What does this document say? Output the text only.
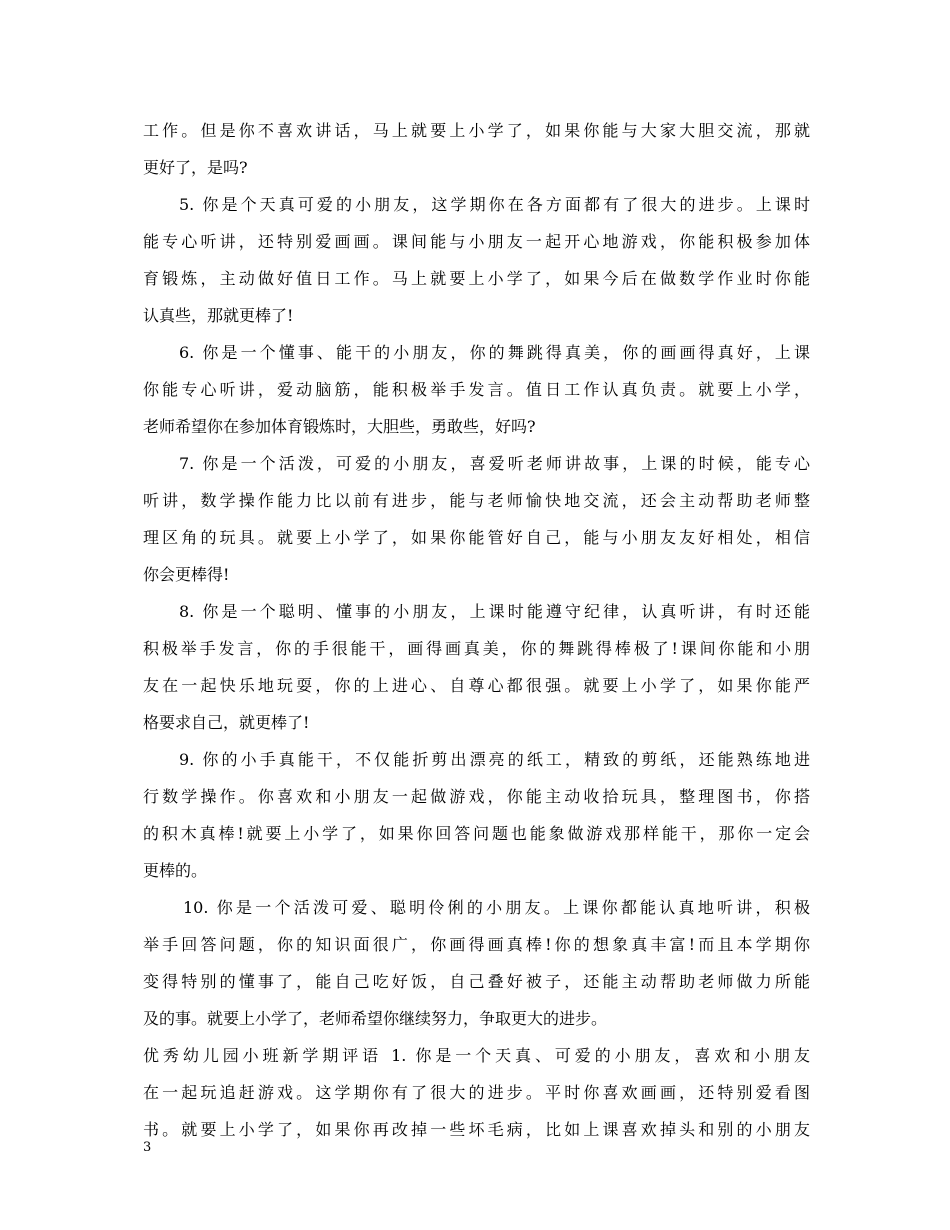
工作。但是你不喜欢讲话，马上就要上小学了，如果你能与大家大胆交流，那就
更好了，是吗?
5. 你是个天真可爱的小朋友，这学期你在各方面都有了很大的进步。上课时
能专心听讲，还特别爱画画。课间能与小朋友一起开心地游戏，你能积极参加体
育锻炼，主动做好值日工作。马上就要上小学了，如果今后在做数学作业时你能
认真些，那就更棒了!
6. 你是一个懂事、能干的小朋友，你的舞跳得真美，你的画画得真好，上课
你能专心听讲，爱动脑筋，能积极举手发言。值日工作认真负责。就要上小学，
老师希望你在参加体育锻炼时，大胆些，勇敢些，好吗?
7. 你是一个活泼，可爱的小朋友，喜爱听老师讲故事，上课的时候，能专心
听讲，数学操作能力比以前有进步，能与老师愉快地交流，还会主动帮助老师整
理区角的玩具。就要上小学了，如果你能管好自己，能与小朋友友好相处，相信
你会更棒得!
8. 你是一个聪明、懂事的小朋友，上课时能遵守纪律，认真听讲，有时还能
积极举手发言，你的手很能干，画得画真美，你的舞跳得棒极了!课间你能和小朋
友在一起快乐地玩耍，你的上进心、自尊心都很强。就要上小学了，如果你能严
格要求自己，就更棒了!
9. 你的小手真能干，不仅能折剪出漂亮的纸工，精致的剪纸，还能熟练地进
行数学操作。你喜欢和小朋友一起做游戏，你能主动收拾玩具，整理图书，你搭
的积木真棒!就要上小学了，如果你回答问题也能象做游戏那样能干，那你一定会
更棒的。
10. 你是一个活泼可爱、聪明伶俐的小朋友。上课你都能认真地听讲，积极
举手回答问题，你的知识面很广，你画得画真棒!你的想象真丰富!而且本学期你
变得特别的懂事了，能自己吃好饭，自己叠好被子，还能主动帮助老师做力所能
及的事。就要上小学了，老师希望你继续努力，争取更大的进步。
优秀幼儿园小班新学期评语 1. 你是一个天真、可爱的小朋友，喜欢和小朋友
在一起玩追赶游戏。这学期你有了很大的进步。平时你喜欢画画，还特别爱看图
书。就要上小学了，如果你再改掉一些坏毛病，比如上课喜欢掉头和别的小朋友
3
